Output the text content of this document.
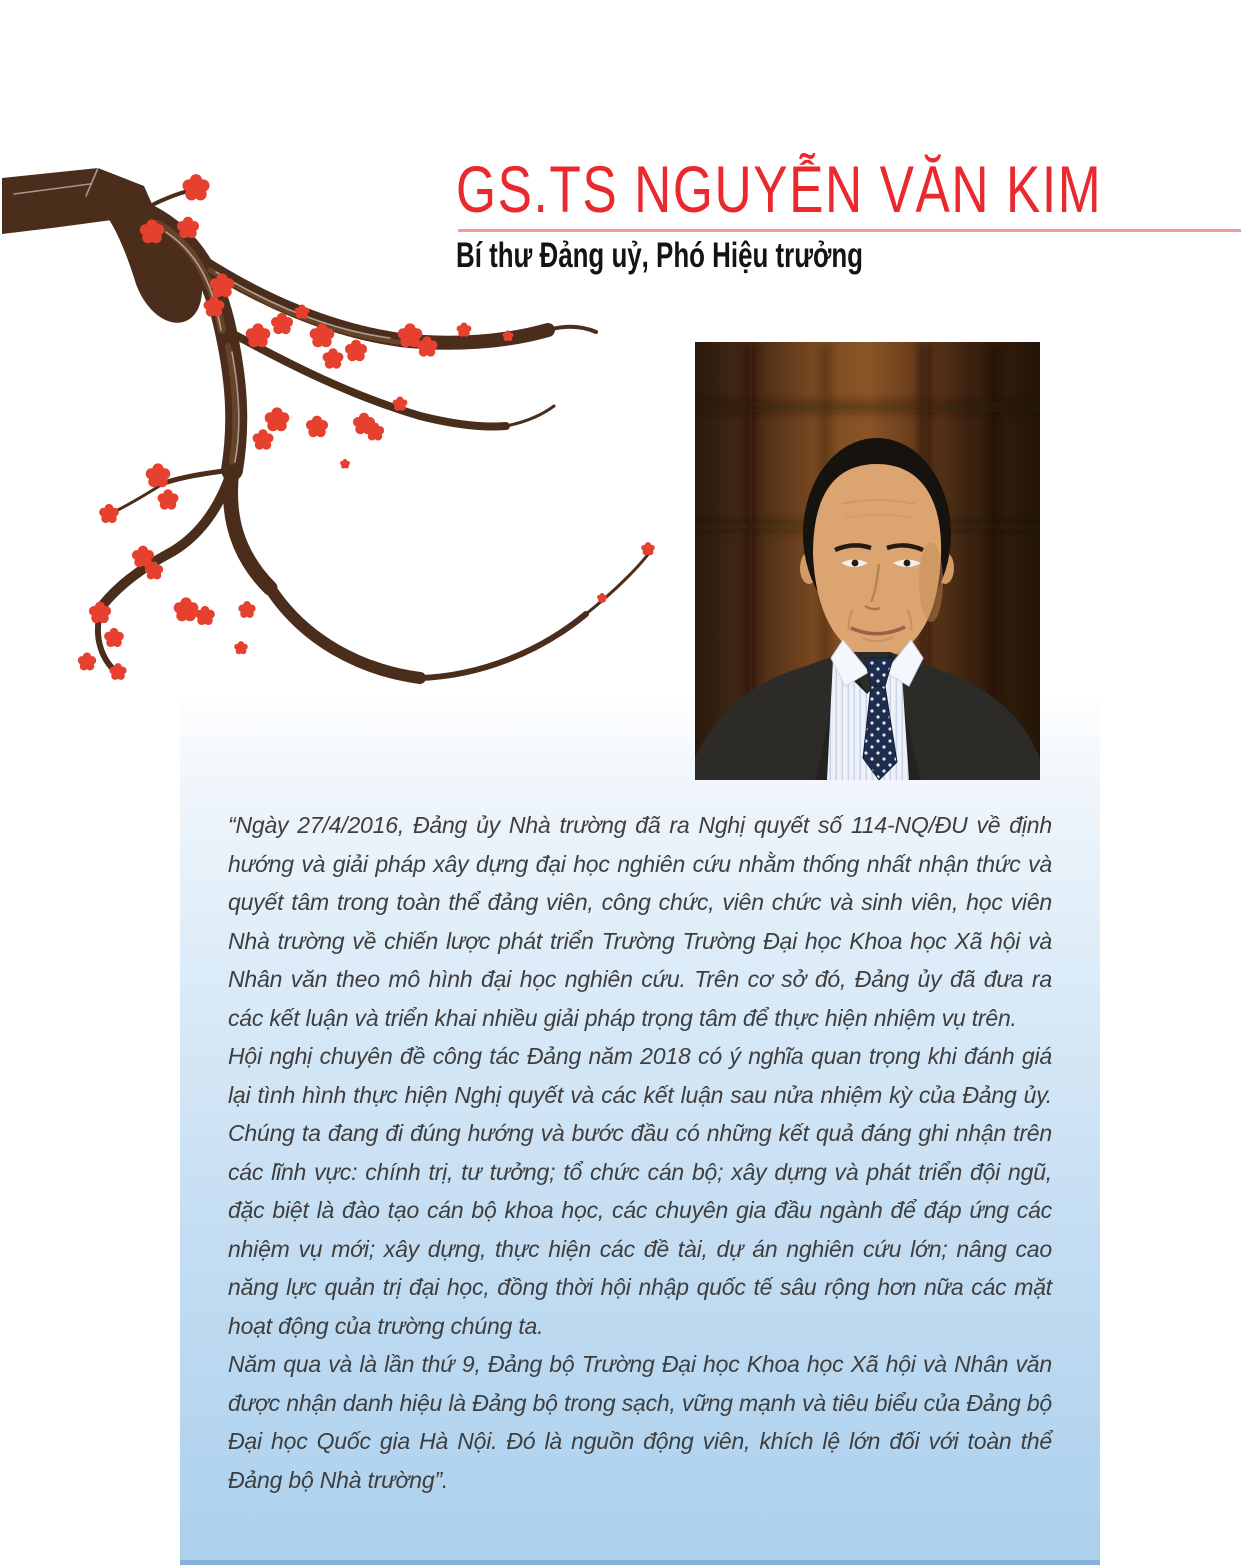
GS.TS NGUYỄN VĂN KIM
Bí thư Đảng uỷ, Phó Hiệu trưởng

“Ngày 27/4/2016, Đảng ủy Nhà trường đã ra Nghị quyết số 114-NQ/ĐU về định hướng và giải pháp xây dựng đại học nghiên cứu nhằm thống nhất nhận thức và quyết tâm trong toàn thể đảng viên, công chức, viên chức và sinh viên, học viên Nhà trường về chiến lược phát triển Trường Trường Đại học Khoa học Xã hội và Nhân văn theo mô hình đại học nghiên cứu. Trên cơ sở đó, Đảng ủy đã đưa ra các kết luận và triển khai nhiều giải pháp trọng tâm để thực hiện nhiệm vụ trên.

Hội nghị chuyên đề công tác Đảng năm 2018 có ý nghĩa quan trọng khi đánh giá lại tình hình thực hiện Nghị quyết và các kết luận sau nửa nhiệm kỳ của Đảng ủy. Chúng ta đang đi đúng hướng và bước đầu có những kết quả đáng ghi nhận trên các lĩnh vực: chính trị, tư tưởng; tổ chức cán bộ; xây dựng và phát triển đội ngũ, đặc biệt là đào tạo cán bộ khoa học, các chuyên gia đầu ngành để đáp ứng các nhiệm vụ mới; xây dựng, thực hiện các đề tài, dự án nghiên cứu lớn; nâng cao năng lực quản trị đại học, đồng thời hội nhập quốc tế sâu rộng hơn nữa các mặt hoạt động của trường chúng ta.

Năm qua và là lần thứ 9, Đảng bộ Trường Đại học Khoa học Xã hội và Nhân văn được nhận danh hiệu là Đảng bộ trong sạch, vững mạnh và tiêu biểu của Đảng bộ Đại học Quốc gia Hà Nội. Đó là nguồn động viên, khích lệ lớn đối với toàn thể Đảng bộ Nhà trường”.
